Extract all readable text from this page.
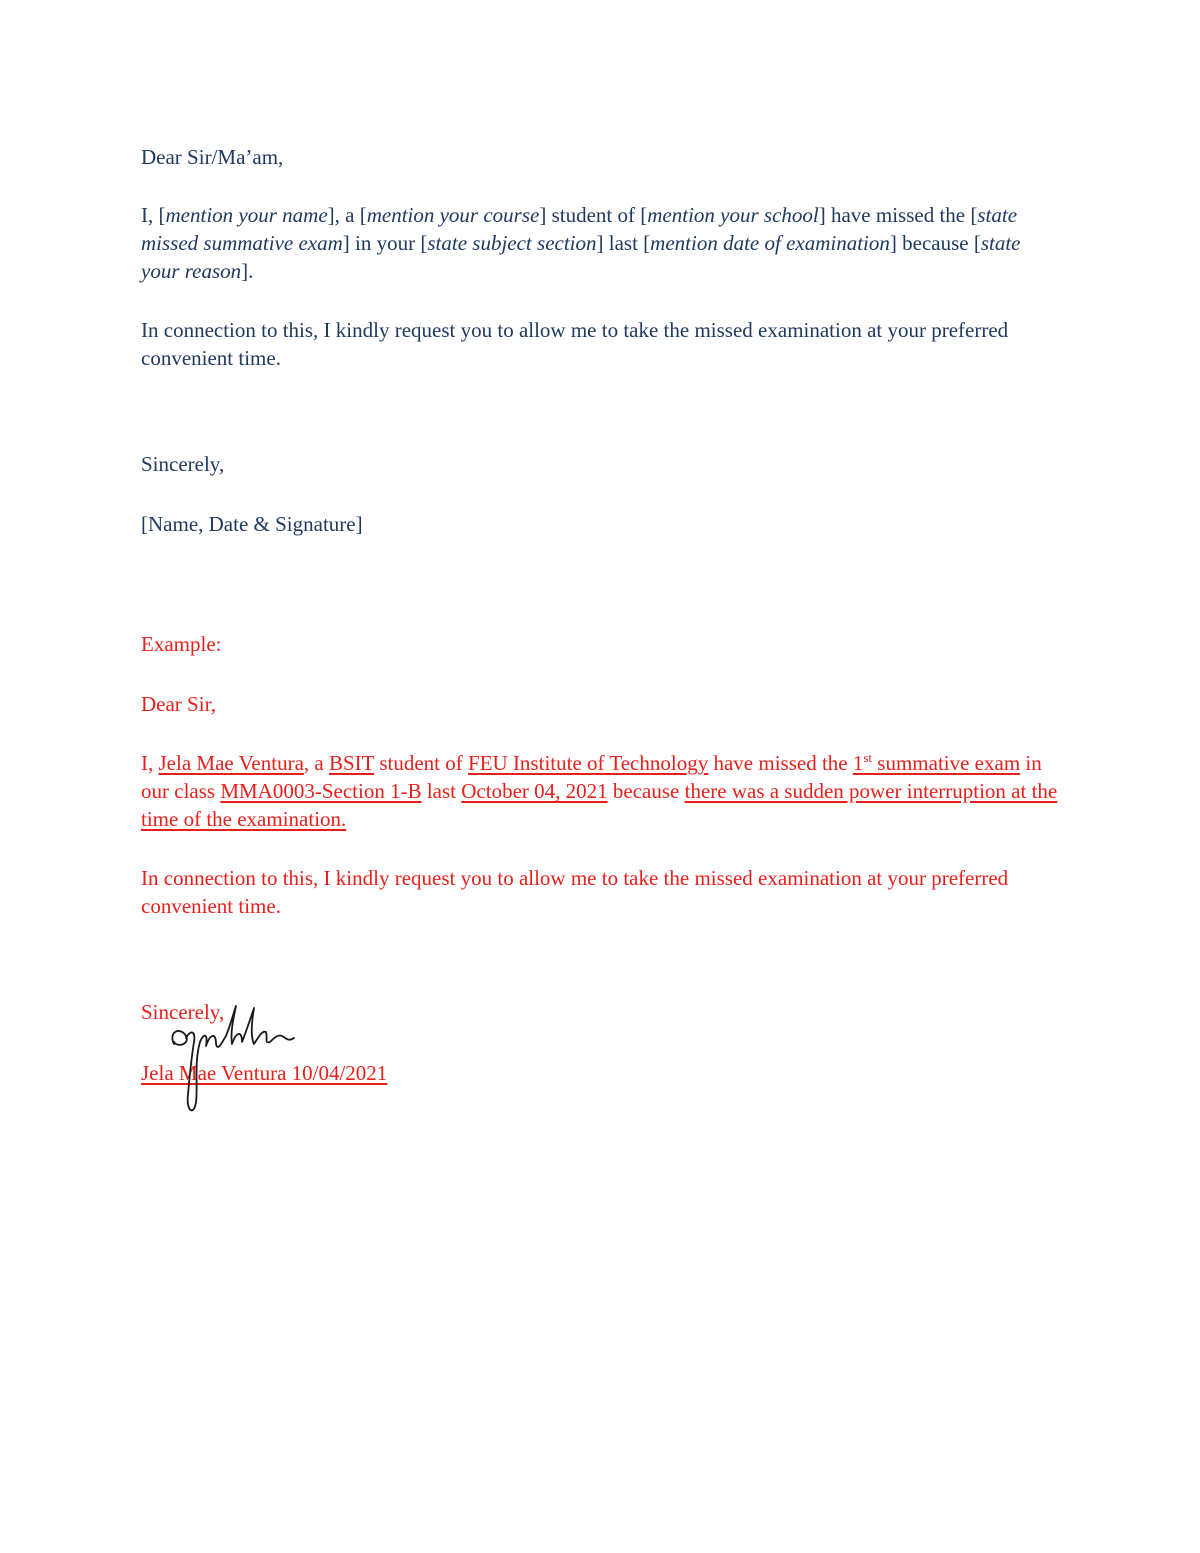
Dear Sir/Ma’am,

I, [mention your name], a [mention your course] student of [mention your school] have missed the [state missed summative exam] in your [state subject section] last [mention date of examination] because [state your reason].

In connection to this, I kindly request you to allow me to take the missed examination at your preferred convenient time.

Sincerely,

[Name, Date & Signature]

Example:

Dear Sir,

I, Jela Mae Ventura, a BSIT student of FEU Institute of Technology have missed the 1st summative exam in our class MMA0003-Section 1-B last October 04, 2021 because there was a sudden power interruption at the time of the examination.

In connection to this, I kindly request you to allow me to take the missed examination at your preferred convenient time.

Sincerely,

Jela Mae Ventura 10/04/2021
